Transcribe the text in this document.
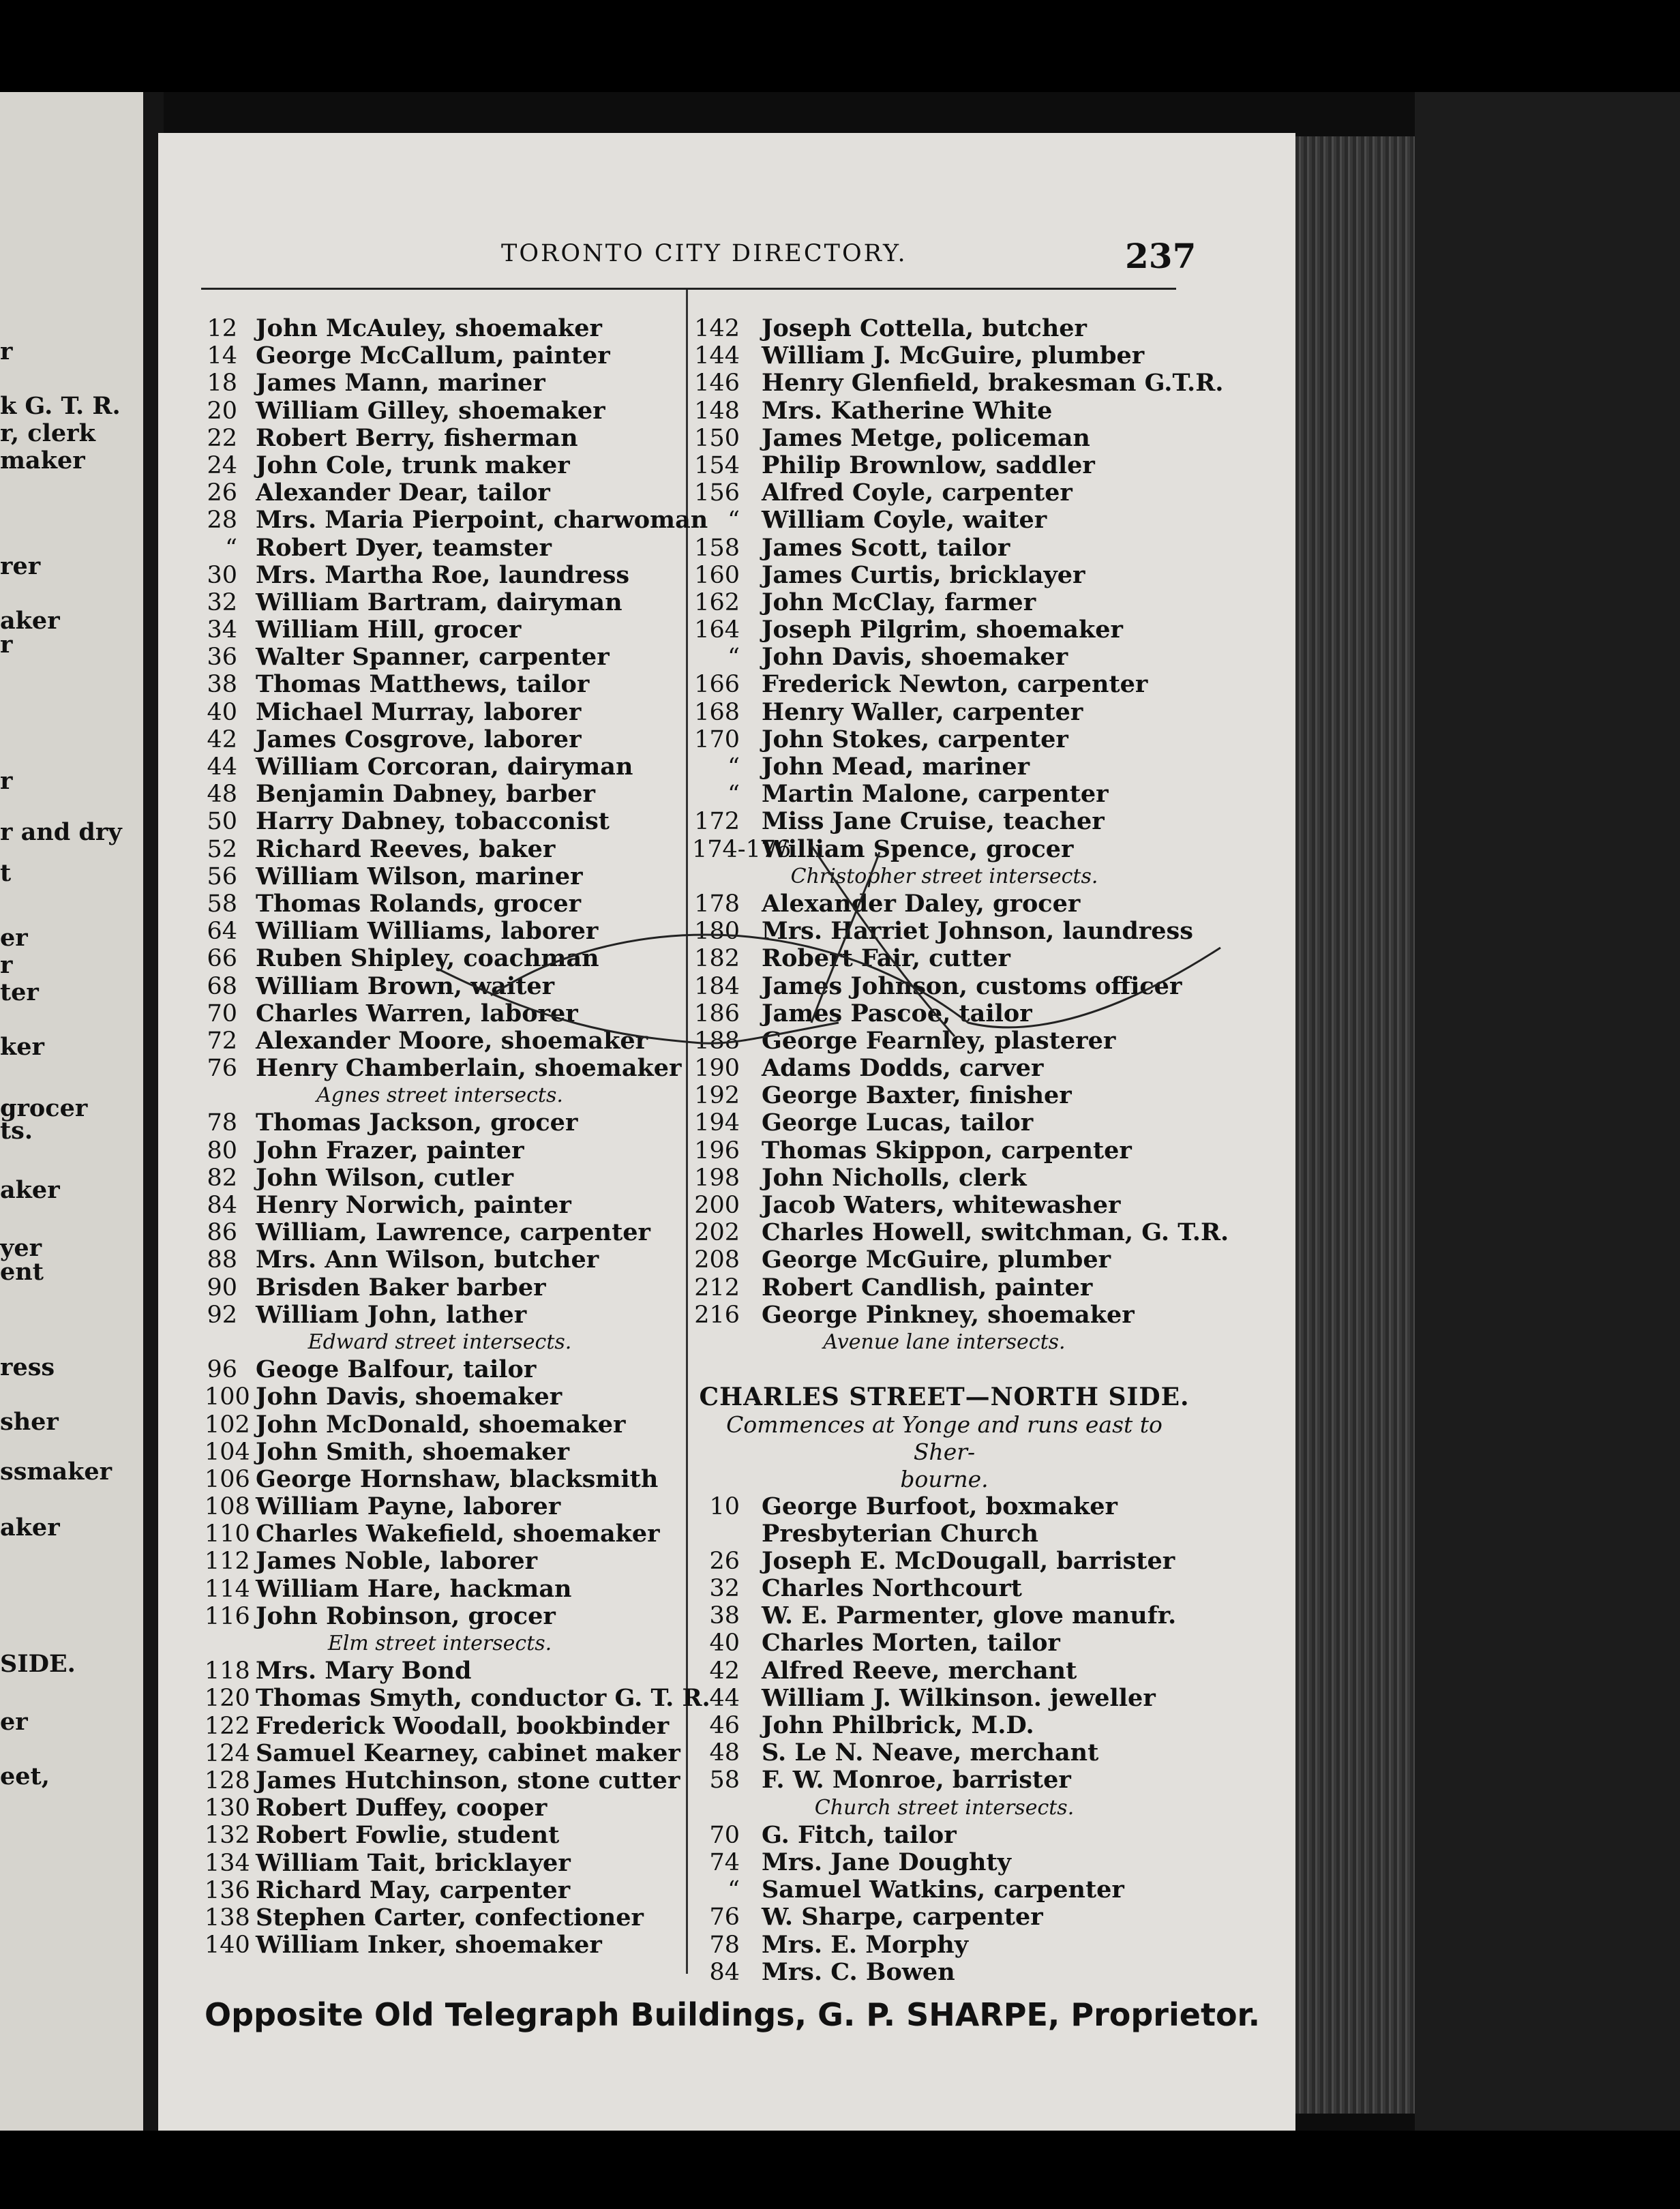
r
k G. T. R.
r, clerk
maker
rer
aker
r
r
r and dry
t
er
r
ter
ker
grocer
ts.
aker
yer
ent
ress
sher
ssmaker
aker
SIDE.
er
eet,
TORONTO CITY DIRECTORY.	237
12 John McAuley, shoemaker
14 George McCallum, painter
18 James Mann, mariner
20 William Gilley, shoemaker
22 Robert Berry, fisherman
24 John Cole, trunk maker
26 Alexander Dear, tailor
28 Mrs. Maria Pierpoint, charwoman
“ Robert Dyer, teamster
30 Mrs. Martha Roe, laundress
32 William Bartram, dairyman
34 William Hill, grocer
36 Walter Spanner, carpenter
38 Thomas Matthews, tailor
40 Michael Murray, laborer
42 James Cosgrove, laborer
44 William Corcoran, dairyman
48 Benjamin Dabney, barber
50 Harry Dabney, tobacconist
52 Richard Reeves, baker
56 William Wilson, mariner
58 Thomas Rolands, grocer
64 William Williams, laborer
66 Ruben Shipley, coachman
68 William Brown, waiter
70 Charles Warren, laborer
72 Alexander Moore, shoemaker
76 Henry Chamberlain, shoemaker
Agnes street intersects.
78 Thomas Jackson, grocer
80 John Frazer, painter
82 John Wilson, cutler
84 Henry Norwich, painter
86 William, Lawrence, carpenter
88 Mrs. Ann Wilson, butcher
90 Brisden Baker barber
92 William John, lather
Edward street intersects.
96 Geoge Balfour, tailor
100 John Davis, shoemaker
102 John McDonald, shoemaker
104 John Smith, shoemaker
106 George Hornshaw, blacksmith
108 William Payne, laborer
110 Charles Wakefield, shoemaker
112 James Noble, laborer
114 William Hare, hackman
116 John Robinson, grocer
Elm street intersects.
118 Mrs. Mary Bond
120 Thomas Smyth, conductor G. T. R.
122 Frederick Woodall, bookbinder
124 Samuel Kearney, cabinet maker
128 James Hutchinson, stone cutter
130 Robert Duffey, cooper
132 Robert Fowlie, student
134 William Tait, bricklayer
136 Richard May, carpenter
138 Stephen Carter, confectioner
140 William Inker, shoemaker
142 Joseph Cottella, butcher
144 William J. McGuire, plumber
146 Henry Glenfield, brakesman G.T.R.
148 Mrs. Katherine White
150 James Metge, policeman
154 Philip Brownlow, saddler
156 Alfred Coyle, carpenter
“ William Coyle, waiter
158 James Scott, tailor
160 James Curtis, bricklayer
162 John McClay, farmer
164 Joseph Pilgrim, shoemaker
“ John Davis, shoemaker
166 Frederick Newton, carpenter
168 Henry Waller, carpenter
170 John Stokes, carpenter
“ John Mead, mariner
“ Martin Malone, carpenter
172 Miss Jane Cruise, teacher
174-176
William Spence, grocer
Christopher street intersects.
178 Alexander Daley, grocer
180 Mrs. Harriet Johnson, laundress
182 Robert Fair, cutter
184 James Johnson, customs officer
186 James Pascoe, tailor
188 George Fearnley, plasterer
190 Adams Dodds, carver
192 George Baxter, finisher
194 George Lucas, tailor
196 Thomas Skippon, carpenter
198 John Nicholls, clerk
200 Jacob Waters, whitewasher
202 Charles Howell, switchman, G. T.R.
208 George McGuire, plumber
212 Robert Candlish, painter
216 George Pinkney, shoemaker
Avenue lane intersects.
CHARLES STREET—NORTH SIDE.
Commences at Yonge and runs east to Sher-
bourne.
10 George Burfoot, boxmaker
Presbyterian Church
26 Joseph E. McDougall, barrister
32 Charles Northcourt
38 W. E. Parmenter, glove manufr.
40 Charles Morten, tailor
42 Alfred Reeve, merchant
44 William J. Wilkinson. jeweller
46 John Philbrick, M.D.
48 S. Le N. Neave, merchant
58 F. W. Monroe, barrister
Church street intersects.
70 G. Fitch, tailor
74 Mrs. Jane Doughty
“ Samuel Watkins, carpenter
76 W. Sharpe, carpenter
78 Mrs. E. Morphy
84 Mrs. C. Bowen
Opposite Old Telegraph Buildings, G. P. SHARPE, Proprietor.
